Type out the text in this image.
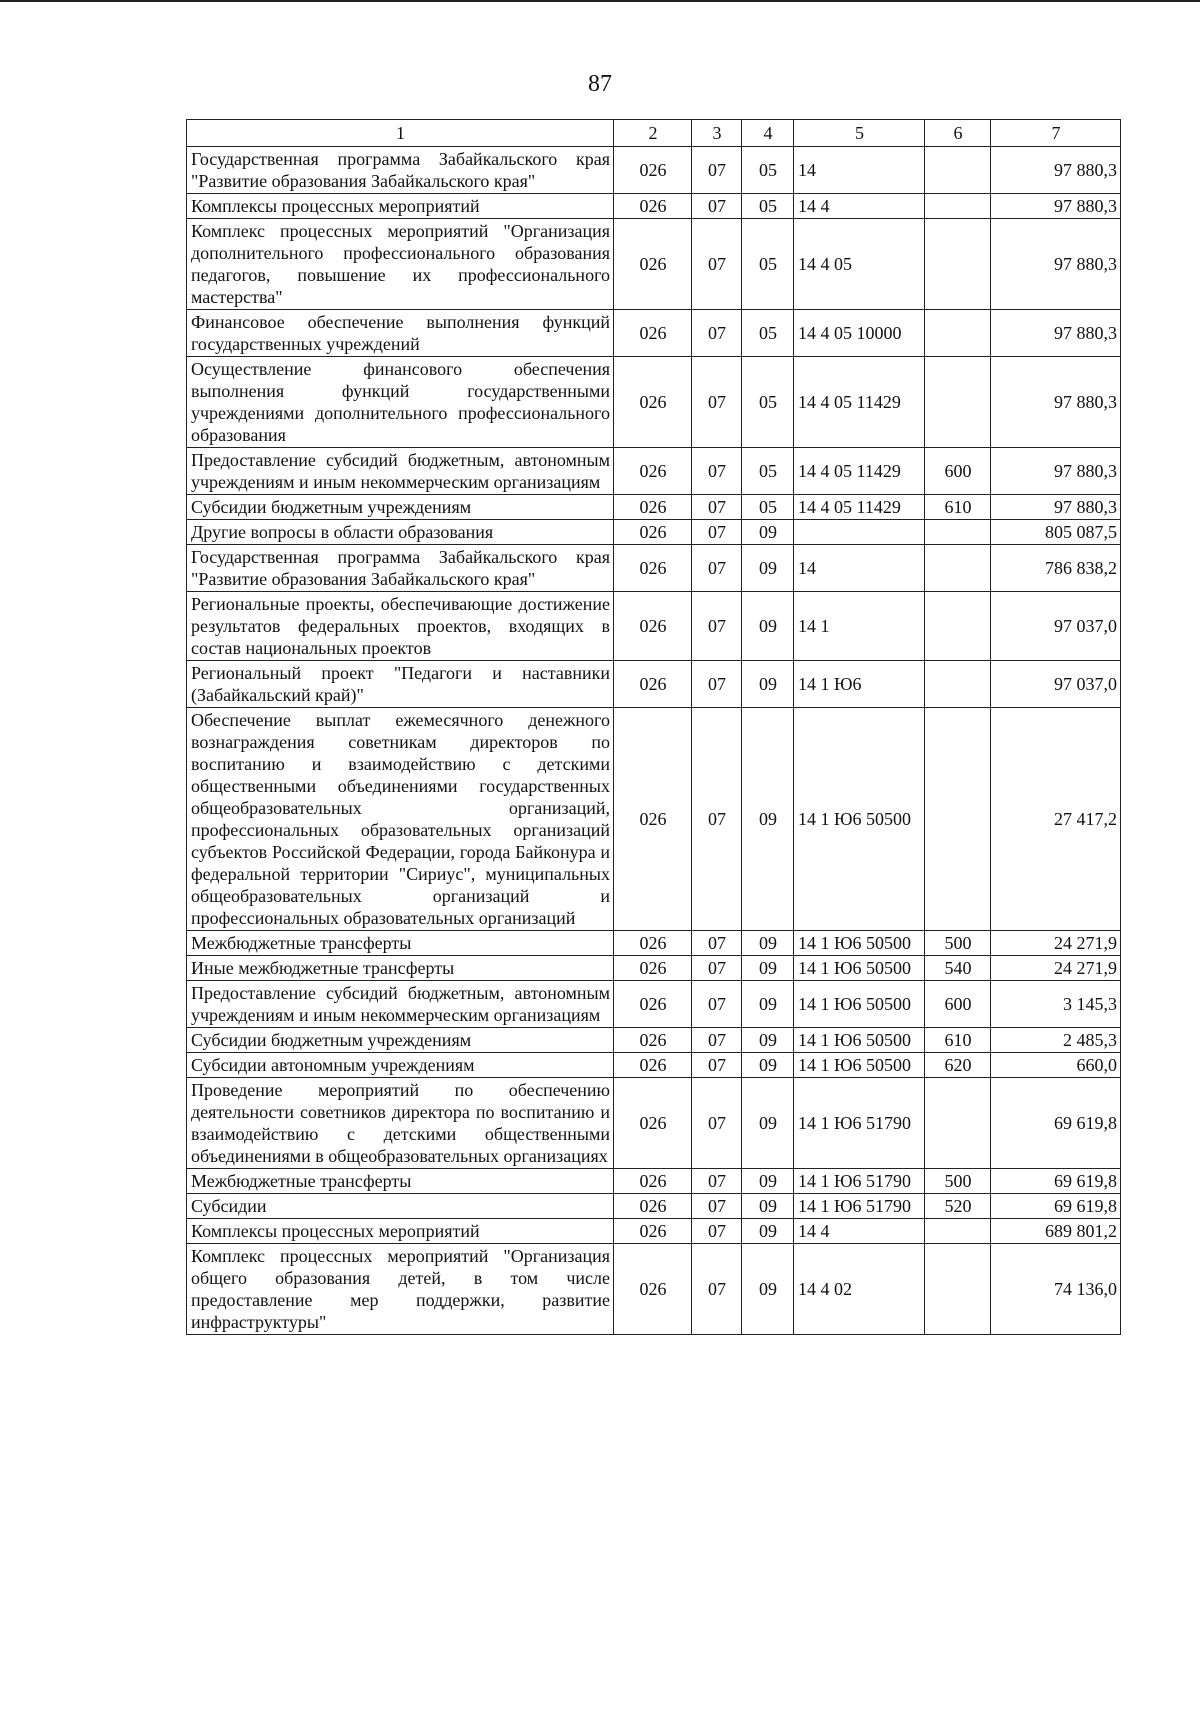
87
1	2	3	4	5	6	7
Государственная программа Забайкальского края "Развитие образования Забайкальского края"	026	07	05	14		97 880,3
Комплексы процессных мероприятий	026	07	05	14 4		97 880,3
Комплекс процессных мероприятий "Организация дополнительного профессионального образования педагогов, повышение их профессионального мастерства"	026	07	05	14 4 05		97 880,3
Финансовое обеспечение выполнения функций государственных учреждений	026	07	05	14 4 05 10000		97 880,3
Осуществление финансового обеспечения выполнения функций государственными учреждениями дополнительного профессионального образования	026	07	05	14 4 05 11429		97 880,3
Предоставление субсидий бюджетным, автономным учреждениям и иным некоммерческим организациям	026	07	05	14 4 05 11429	600	97 880,3
Субсидии бюджетным учреждениям	026	07	05	14 4 05 11429	610	97 880,3
Другие вопросы в области образования	026	07	09			805 087,5
Государственная программа Забайкальского края "Развитие образования Забайкальского края"	026	07	09	14		786 838,2
Региональные проекты, обеспечивающие достижение результатов федеральных проектов, входящих в состав национальных проектов	026	07	09	14 1		97 037,0
Региональный проект "Педагоги и наставники (Забайкальский край)"	026	07	09	14 1 Ю6		97 037,0
Обеспечение выплат ежемесячного денежного вознаграждения советникам директоров по воспитанию и взаимодействию с детскими общественными объединениями государственных общеобразовательных организаций, профессиональных образовательных организаций субъектов Российской Федерации, города Байконура и федеральной территории "Сириус", муниципальных общеобразовательных организаций и профессиональных образовательных организаций	026	07	09	14 1 Ю6 50500		27 417,2
Межбюджетные трансферты	026	07	09	14 1 Ю6 50500	500	24 271,9
Иные межбюджетные трансферты	026	07	09	14 1 Ю6 50500	540	24 271,9
Предоставление субсидий бюджетным, автономным учреждениям и иным некоммерческим организациям	026	07	09	14 1 Ю6 50500	600	3 145,3
Субсидии бюджетным учреждениям	026	07	09	14 1 Ю6 50500	610	2 485,3
Субсидии автономным учреждениям	026	07	09	14 1 Ю6 50500	620	660,0
Проведение мероприятий по обеспечению деятельности советников директора по воспитанию и взаимодействию с детскими общественными объединениями в общеобразовательных организациях	026	07	09	14 1 Ю6 51790		69 619,8
Межбюджетные трансферты	026	07	09	14 1 Ю6 51790	500	69 619,8
Субсидии	026	07	09	14 1 Ю6 51790	520	69 619,8
Комплексы процессных мероприятий	026	07	09	14 4		689 801,2
Комплекс процессных мероприятий "Организация общего образования детей, в том числе предоставление мер поддержки, развитие инфраструктуры"	026	07	09	14 4 02		74 136,0
